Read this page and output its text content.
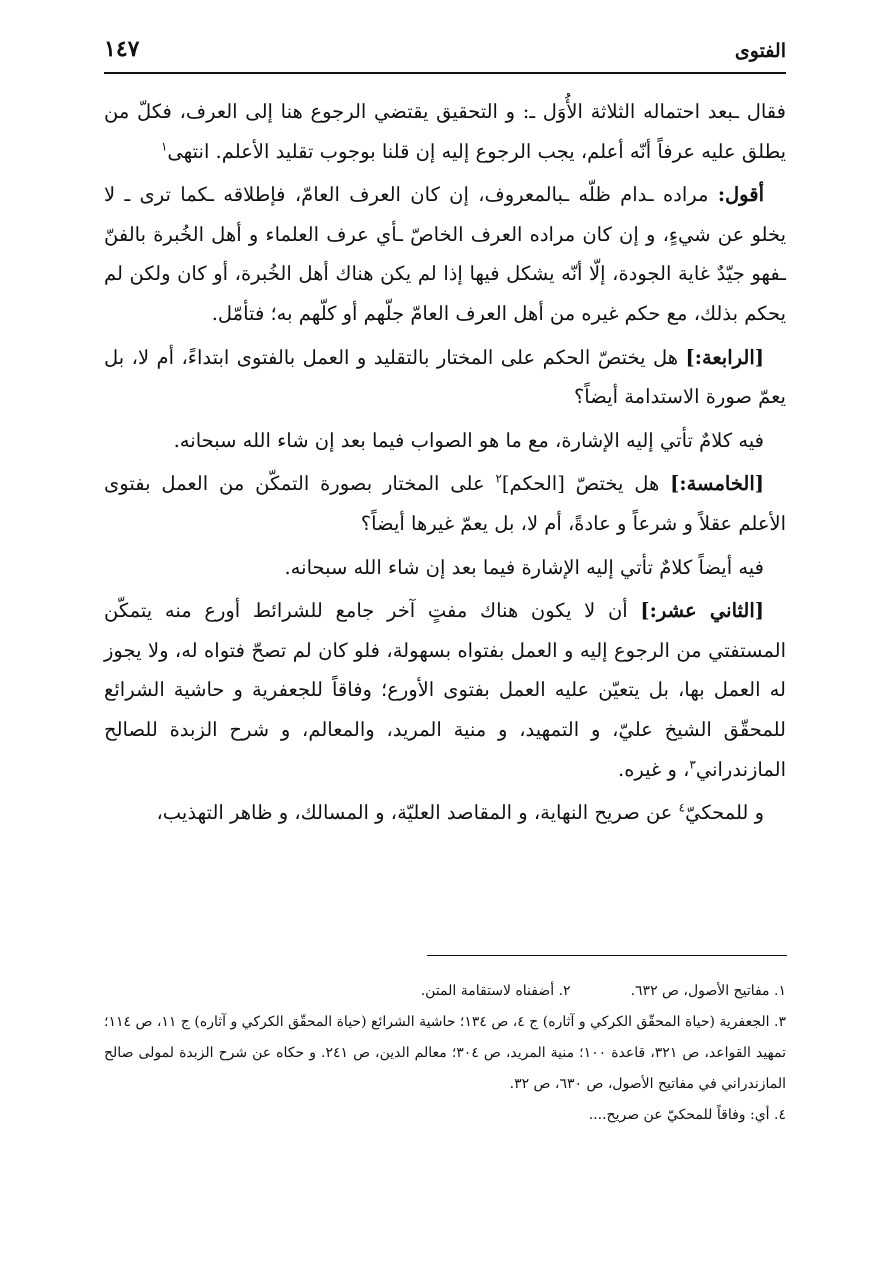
الفتوى
١٤٧

فقال ـبعد احتماله الثلاثة الأُوَل ـ: و التحقيق يقتضي الرجوع هنا إلى العرف، فكلّ من يطلق عليه عرفاً أنّه أعلم، يجب الرجوع إليه إن قلنا بوجوب تقليد الأعلم. انتهى$^١$

أقول: مراده ـدام ظلّه ـبالمعروف، إن كان العرف العامّ، فإطلاقه ـكما ترى ـ لا يخلو عن شيءٍ، و إن كان مراده العرف الخاصّ ـأي عرف العلماء و أهل الخُبرة بالفنّ ـفهو جيّدٌ غاية الجودة، إلّا أنّه يشكل فيها إذا لم يكن هناك أهل الخُبرة، أو كان ولكن لم يحكم بذلك، مع حكم غيره من أهل العرف العامّ جلّهم أو كلّهم به؛ فتأمّل.

[الرابعة:] هل يختصّ الحكم على المختار بالتقليد و العمل بالفتوى ابتداءً، أم لا، بل يعمّ صورة الاستدامة أيضاً؟

فيه كلامٌ تأتي إليه الإشارة، مع ما هو الصواب فيما بعد إن شاء الله سبحانه.

[الخامسة:] هل يختصّ [الحكم]$^٢$ على المختار بصورة التمكّن من العمل بفتوى الأعلم عقلاً و شرعاً و عادةً، أم لا، بل يعمّ غيرها أيضاً؟

فيه أيضاً كلامٌ تأتي إليه الإشارة فيما بعد إن شاء الله سبحانه.

[الثاني عشر:] أن لا يكون هناك مفتٍ آخر جامع للشرائط أورع منه يتمكّن المستفتي من الرجوع إليه و العمل بفتواه بسهولة، فلو كان لم تصحّ فتواه له، ولا يجوز له العمل بها، بل يتعيّن عليه العمل بفتوى الأورع؛ وفاقاً للجعفرية و حاشية الشرائع للمحقّق الشيخ عليّ، و التمهيد، و منية المريد، والمعالم، و شرح الزبدة للصالح المازندراني$^٣$، و غيره.

و للمحكيّ$^٤$ عن صريح النهاية، و المقاصد العليّة، و المسالك، و ظاهر التهذيب،

١. مفاتيح الأصول، ص ٦٣٢.
٢. أضفناه لاستقامة المتن.
٣. الجعفرية (حياة المحقّق الكركي و آثاره) ج ٤، ص ١٣٤؛ حاشية الشرائع (حياة المحقّق الكركي و آثاره) ج ١١، ص ١١٤؛ تمهيد القواعد، ص ٣٢١، قاعدة ١٠٠؛ منية المريد، ص ٣٠٤؛ معالم الدين، ص ٢٤١. و حكاه عن شرح الزبدة لمولى صالح المازندراني في مفاتيح الأصول، ص ٦٣٠، ص ٣٢.
٤. أي: وفاقاً للمحكيّ عن صريح....
